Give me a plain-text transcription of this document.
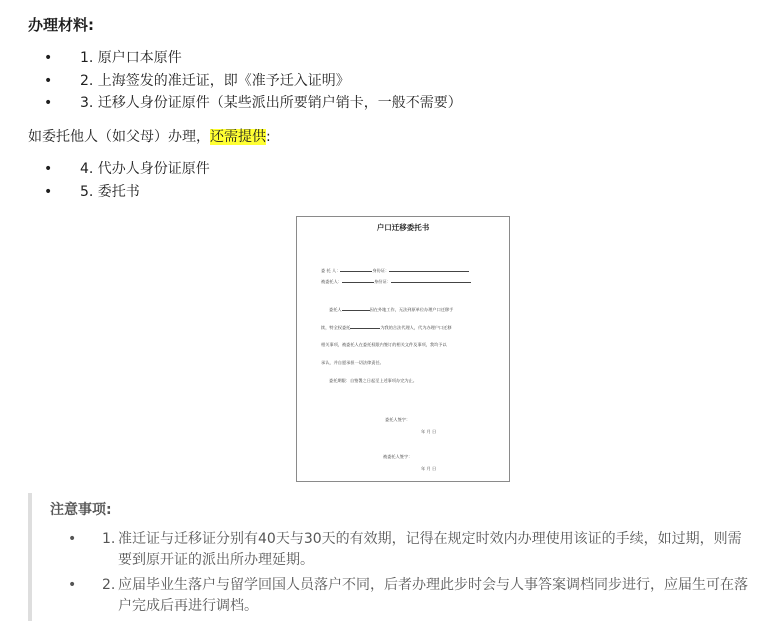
办理材料:
• 1. 原户口本原件
• 2. 上海签发的准迁证，即《准予迁入证明》
• 3. 迁移人身份证原件（某些派出所要销户销卡，一般不需要）
如委托他人（如父母）办理，还需提供:
• 4. 代办人身份证原件
• 5. 委托书
户口迁移委托书
委 托 人：	身份证：
被委托人：	身份证：
委托人	因在外地工作，无法到原单位办理户口迁移手
续，特全权委托	为我的合法代理人，代为办理户口迁移
相关事项，被委托人在委托权限内签订的相关文件及事项，我均予以
承认，并自愿承担一切法律责任。
委托期限：自签署之日起至上述事项办完为止。
委托人签字：
年 月 日
被委托人签字：
年 月 日
注意事项:
• 1. 准迁证与迁移证分别有40天与30天的有效期，记得在规定时效内办理使用该证的手续，如过期，则需要到原开证的派出所办理延期。
• 2. 应届毕业生落户与留学回国人员落户不同，后者办理此步时会与人事答案调档同步进行，应届生可在落户完成后再进行调档。
